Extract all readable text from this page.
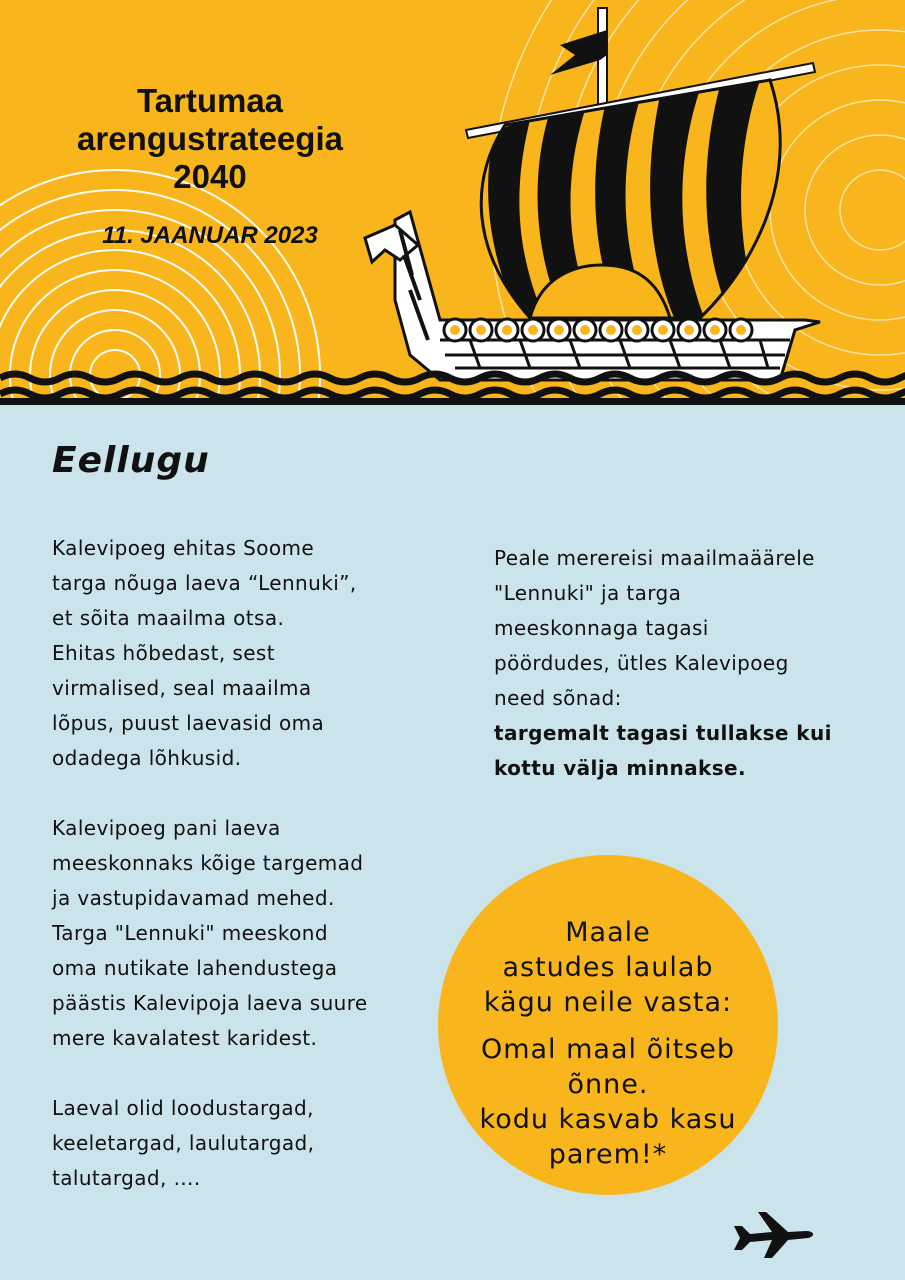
Tartumaa
arengustrateegia
2040
11. JAANUAR 2023
Eellugu

Kalevipoeg ehitas Soome
targa nõuga laeva “Lennuki”,
et sõita maailma otsa.
Ehitas hõbedast, sest
virmalised, seal maailma
lõpus, puust laevasid oma
odadega lõhkusid.

Kalevipoeg pani laeva
meeskonnaks kõige targemad
ja vastupidavamad mehed.
Targa "Lennuki" meeskond
oma nutikate lahendustega
päästis Kalevipoja laeva suure
mere kavalatest karidest.

Laeval olid loodustargad,
keeletargad, laulutargad,
talutargad, ….

Peale merereisi maailmaäärele
"Lennuki" ja targa
meeskonnaga tagasi
pöördudes, ütles Kalevipoeg
need sõnad:
targemalt tagasi tullakse kui
kottu välja minnakse.

Maale
astudes laulab
kägu neile vasta:
Omal maal õitseb
õnne.
kodu kasvab kasu
parem!*
